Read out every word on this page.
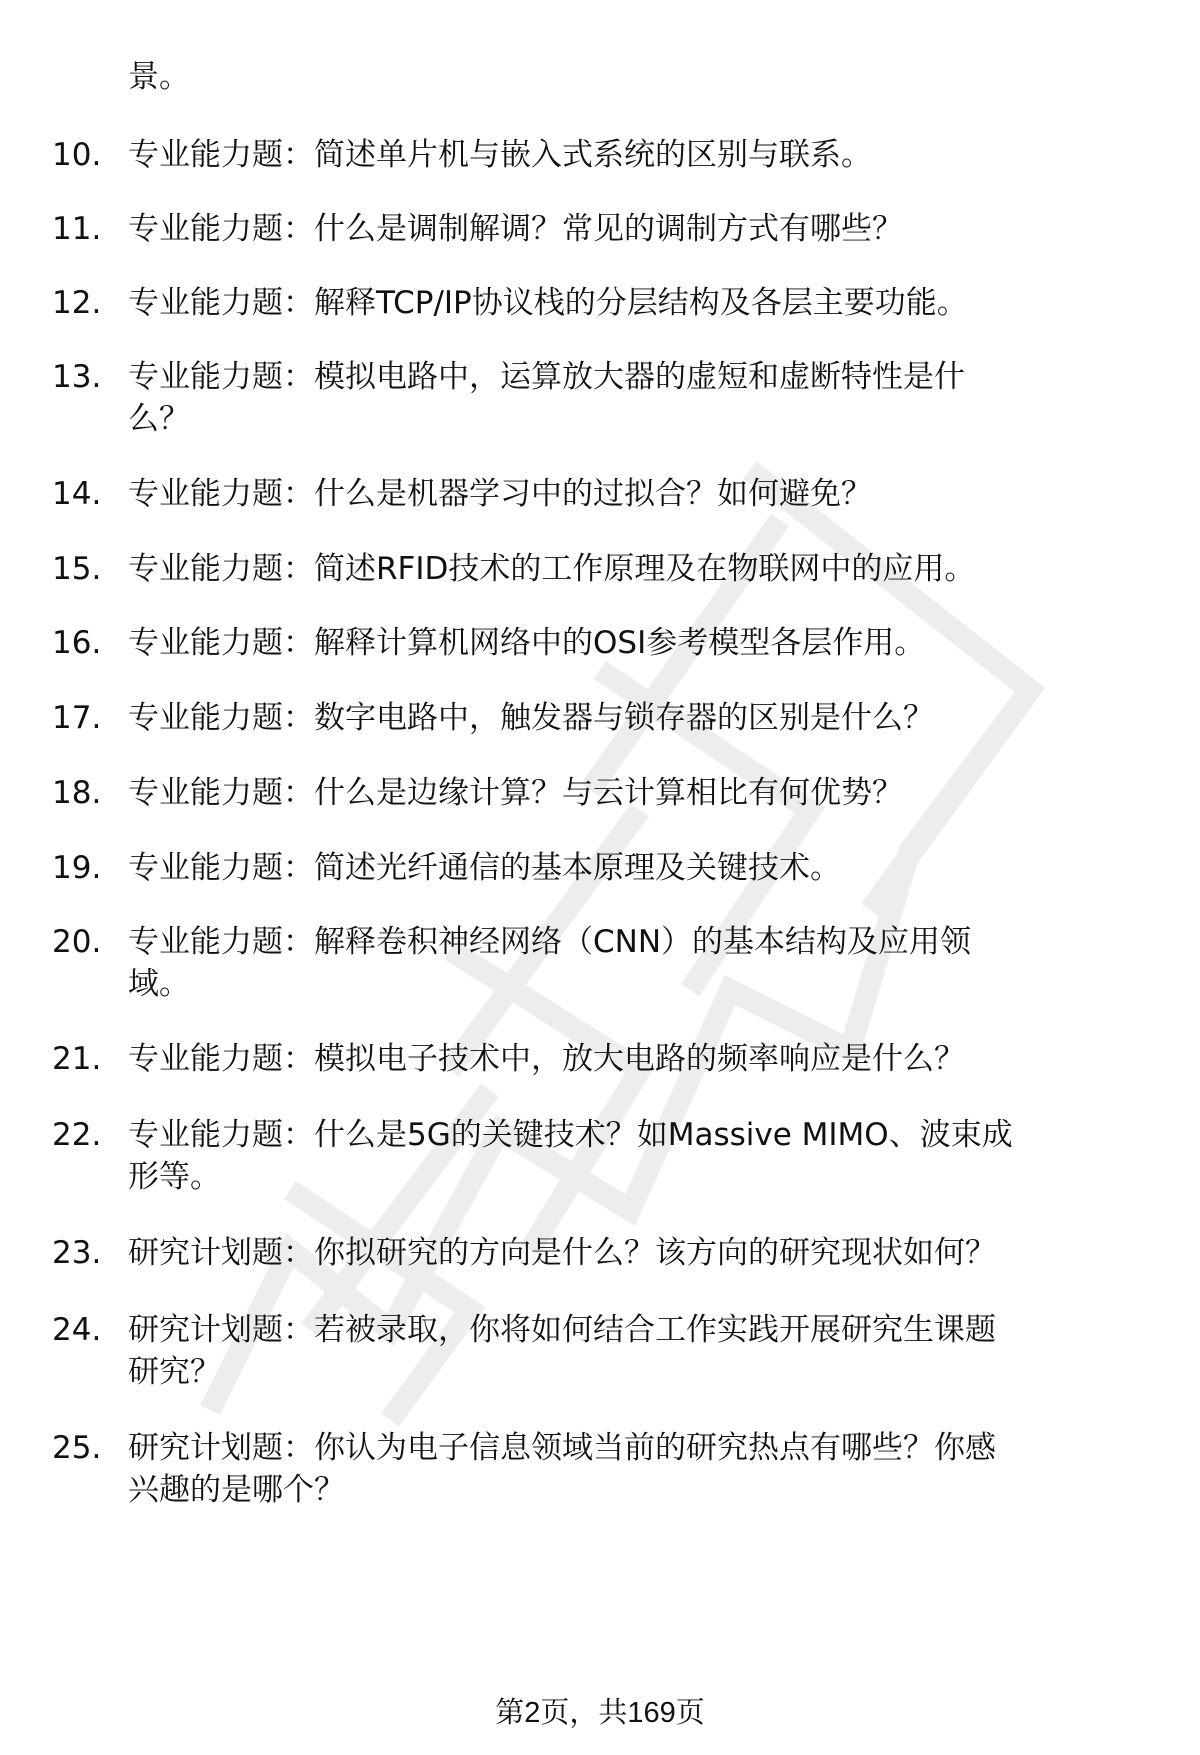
景。
10. 专业能力题：简述单片机与嵌入式系统的区别与联系。
11. 专业能力题：什么是调制解调？常见的调制方式有哪些？
12. 专业能力题：解释TCP/IP协议栈的分层结构及各层主要功能。
13. 专业能力题：模拟电路中，运算放大器的虚短和虚断特性是什
么？
14. 专业能力题：什么是机器学习中的过拟合？如何避免？
15. 专业能力题：简述RFID技术的工作原理及在物联网中的应用。
16. 专业能力题：解释计算机网络中的OSI参考模型各层作用。
17. 专业能力题：数字电路中，触发器与锁存器的区别是什么？
18. 专业能力题：什么是边缘计算？与云计算相比有何优势？
19. 专业能力题：简述光纤通信的基本原理及关键技术。
20. 专业能力题：解释卷积神经网络（CNN）的基本结构及应用领
域。
21. 专业能力题：模拟电子技术中，放大电路的频率响应是什么？
22. 专业能力题：什么是5G的关键技术？如Massive MIMO、波束成
形等。
23. 研究计划题：你拟研究的方向是什么？该方向的研究现状如何？
24. 研究计划题：若被录取，你将如何结合工作实践开展研究生课题
研究？
25. 研究计划题：你认为电子信息领域当前的研究热点有哪些？你感
兴趣的是哪个？
第2页，共169页
